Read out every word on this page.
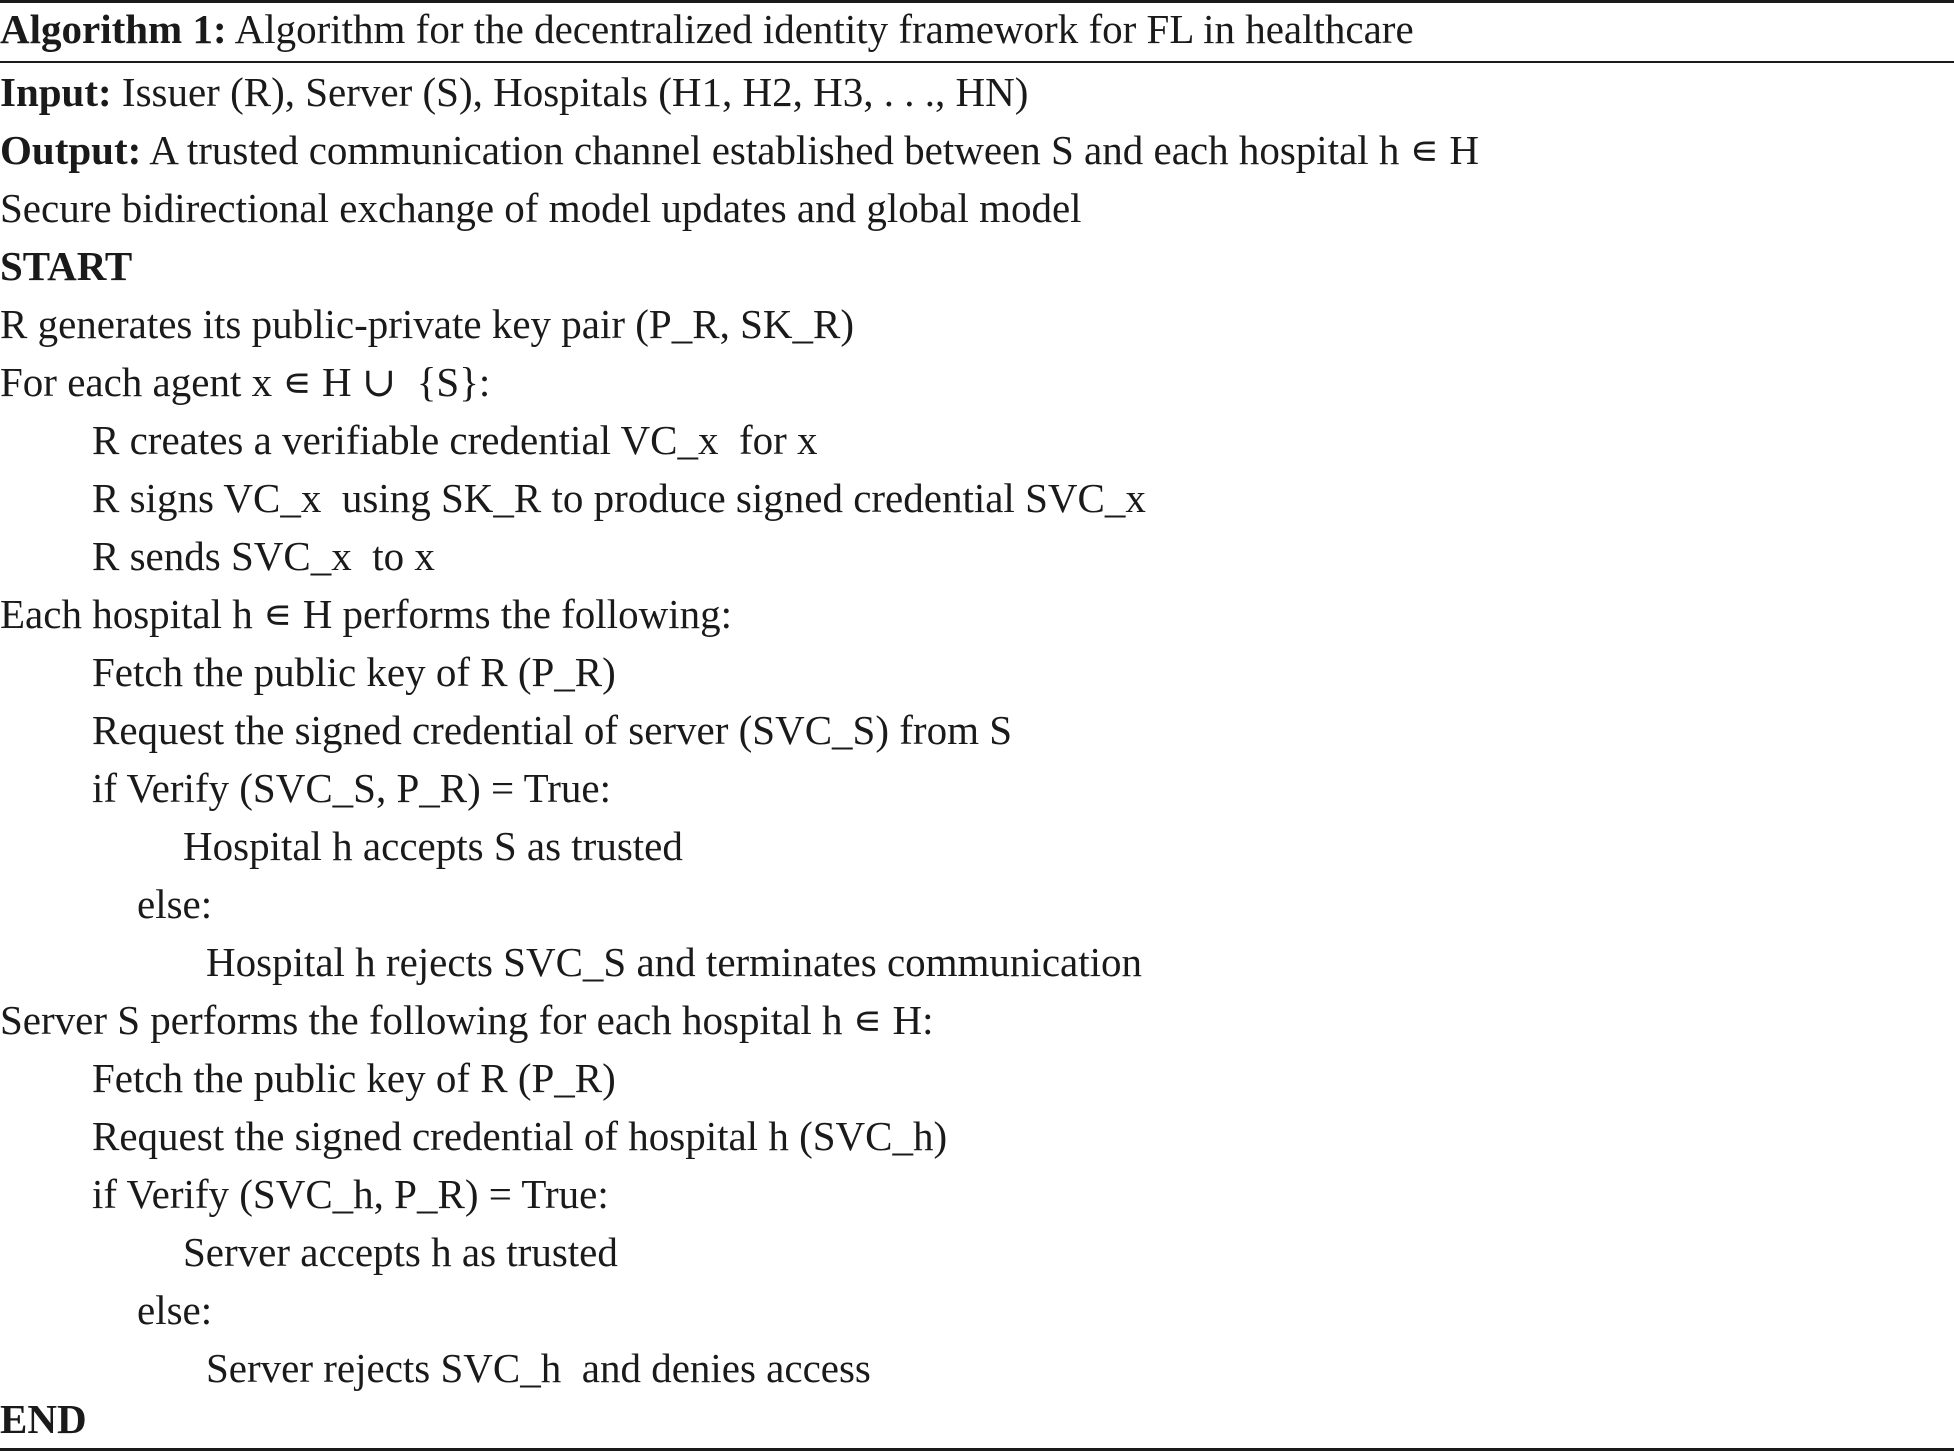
Algorithm 1: Algorithm for the decentralized identity framework for FL in healthcare
Input: Issuer (R), Server (S), Hospitals (H1, H2, H3, . . ., HN)
Output: A trusted communication channel established between S and each hospital h ∊ H
Secure bidirectional exchange of model updates and global model
START
R generates its public-private key pair (P_R, SK_R)
For each agent x ∊ H ∪  {S}:
R creates a verifiable credential VC_x  for x
R signs VC_x  using SK_R to produce signed credential SVC_x
R sends SVC_x  to x
Each hospital h ∊ H performs the following:
Fetch the public key of R (P_R)
Request the signed credential of server (SVC_S) from S
if Verify (SVC_S, P_R) = True:
Hospital h accepts S as trusted
else:
Hospital h rejects SVC_S and terminates communication
Server S performs the following for each hospital h ∊ H:
Fetch the public key of R (P_R)
Request the signed credential of hospital h (SVC_h)
if Verify (SVC_h, P_R) = True:
Server accepts h as trusted
else:
Server rejects SVC_h  and denies access
END
